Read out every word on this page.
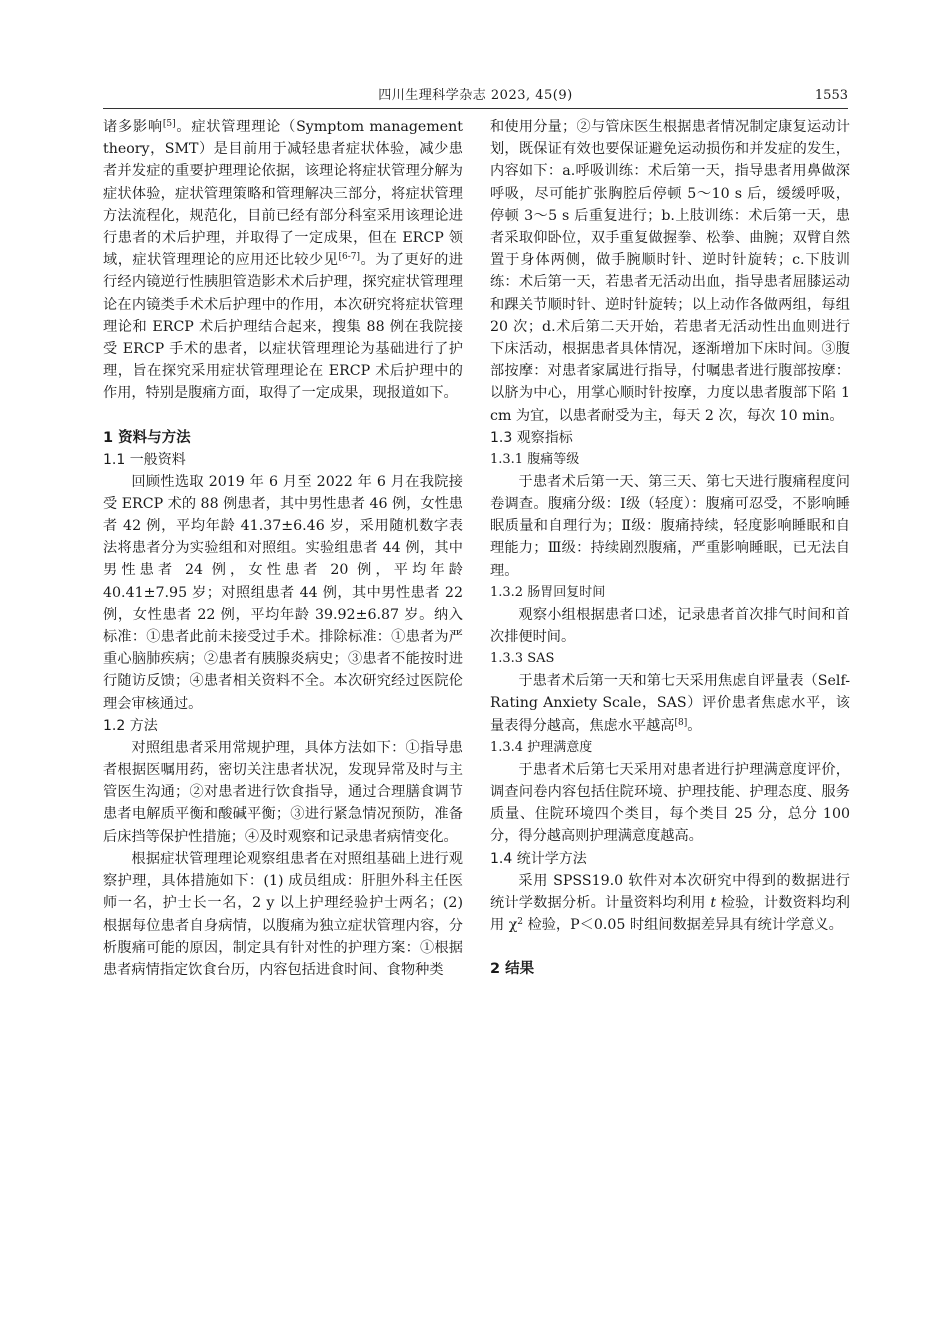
四川生理科学杂志 2023, 45(9)	1553

诸多影响[5]。症状管理理论（Symptom management theory，SMT）是目前用于减轻患者症状体验，减少患者并发症的重要护理理论依据，该理论将症状管理分解为症状体验，症状管理策略和管理解决三部分，将症状管理方法流程化，规范化，目前已经有部分科室采用该理论进行患者的术后护理，并取得了一定成果，但在 ERCP 领域，症状管理理论的应用还比较少见[6-7]。为了更好的进行经内镜逆行性胰胆管造影术术后护理，探究症状管理理论在内镜类手术术后护理中的作用，本次研究将症状管理理论和 ERCP 术后护理结合起来，搜集 88 例在我院接受 ERCP 手术的患者，以症状管理理论为基础进行了护理，旨在探究采用症状管理理论在 ERCP 术后护理中的作用，特别是腹痛方面，取得了一定成果，现报道如下。

1 资料与方法
1.1 一般资料

回顾性选取 2019 年 6 月至 2022 年 6 月在我院接受 ERCP 术的 88 例患者，其中男性患者 46 例，女性患者 42 例，平均年龄 41.37±6.46 岁，采用随机数字表法将患者分为实验组和对照组。实验组患者 44 例，其中男性患者 24 例，女性患者 20 例，平均年龄 40.41±7.95 岁；对照组患者 44 例，其中男性患者 22 例，女性患者 22 例，平均年龄 39.92±6.87 岁。纳入标准：①患者此前未接受过手术。排除标准：①患者为严重心脑肺疾病；②患者有胰腺炎病史；③患者不能按时进行随访反馈；④患者相关资料不全。本次研究经过医院伦理会审核通过。

1.2 方法

对照组患者采用常规护理，具体方法如下：①指导患者根据医嘱用药，密切关注患者状况，发现异常及时与主管医生沟通；②对患者进行饮食指导，通过合理膳食调节患者电解质平衡和酸碱平衡；③进行紧急情况预防，准备后床挡等保护性措施；④及时观察和记录患者病情变化。

根据症状管理理论观察组患者在对照组基础上进行观察护理，具体措施如下：(1) 成员组成：肝胆外科主任医师一名，护士长一名，2 y 以上护理经验护士两名；(2) 根据每位患者自身病情，以腹痛为独立症状管理内容，分析腹痛可能的原因，制定具有针对性的护理方案：①根据患者病情指定饮食台历，内容包括进食时间、食物种类

和使用分量；②与管床医生根据患者情况制定康复运动计划，既保证有效也要保证避免运动损伤和并发症的发生，内容如下：a.呼吸训练：术后第一天，指导患者用鼻做深呼吸，尽可能扩张胸腔后停顿 5～10 s 后，缓缓呼吸，停顿 3～5 s 后重复进行；b.上肢训练：术后第一天，患者采取仰卧位，双手重复做握拳、松拳、曲腕；双臂自然置于身体两侧，做手腕顺时针、逆时针旋转；c.下肢训练：术后第一天，若患者无活动出血，指导患者屈膝运动和踝关节顺时针、逆时针旋转；以上动作各做两组，每组 20 次；d.术后第二天开始，若患者无活动性出血则进行下床活动，根据患者具体情况，逐渐增加下床时间。③腹部按摩：对患者家属进行指导，付嘱患者进行腹部按摩：以脐为中心，用掌心顺时针按摩，力度以患者腹部下陷 1 cm 为宜，以患者耐受为主，每天 2 次，每次 10 min。

1.3 观察指标
1.3.1 腹痛等级

于患者术后第一天、第三天、第七天进行腹痛程度问卷调查。腹痛分级：Ⅰ级（轻度）：腹痛可忍受，不影响睡眠质量和自理行为；Ⅱ级：腹痛持续，轻度影响睡眠和自理能力；Ⅲ级：持续剧烈腹痛，严重影响睡眠，已无法自理。

1.3.2 肠胃回复时间

观察小组根据患者口述，记录患者首次排气时间和首次排便时间。

1.3.3 SAS

于患者术后第一天和第七天采用焦虑自评量表（Self-Rating Anxiety Scale，SAS）评价患者焦虑水平，该量表得分越高，焦虑水平越高[8]。

1.3.4 护理满意度

于患者术后第七天采用对患者进行护理满意度评价，调查问卷内容包括住院环境、护理技能、护理态度、服务质量、住院环境四个类目，每个类目 25 分，总分 100 分，得分越高则护理满意度越高。

1.4 统计学方法

采用 SPSS19.0 软件对本次研究中得到的数据进行统计学数据分析。计量资料均利用 t 检验，计数资料均利用 $\chi^2$ 检验，P＜0.05 时组间数据差异具有统计学意义。

2 结果
